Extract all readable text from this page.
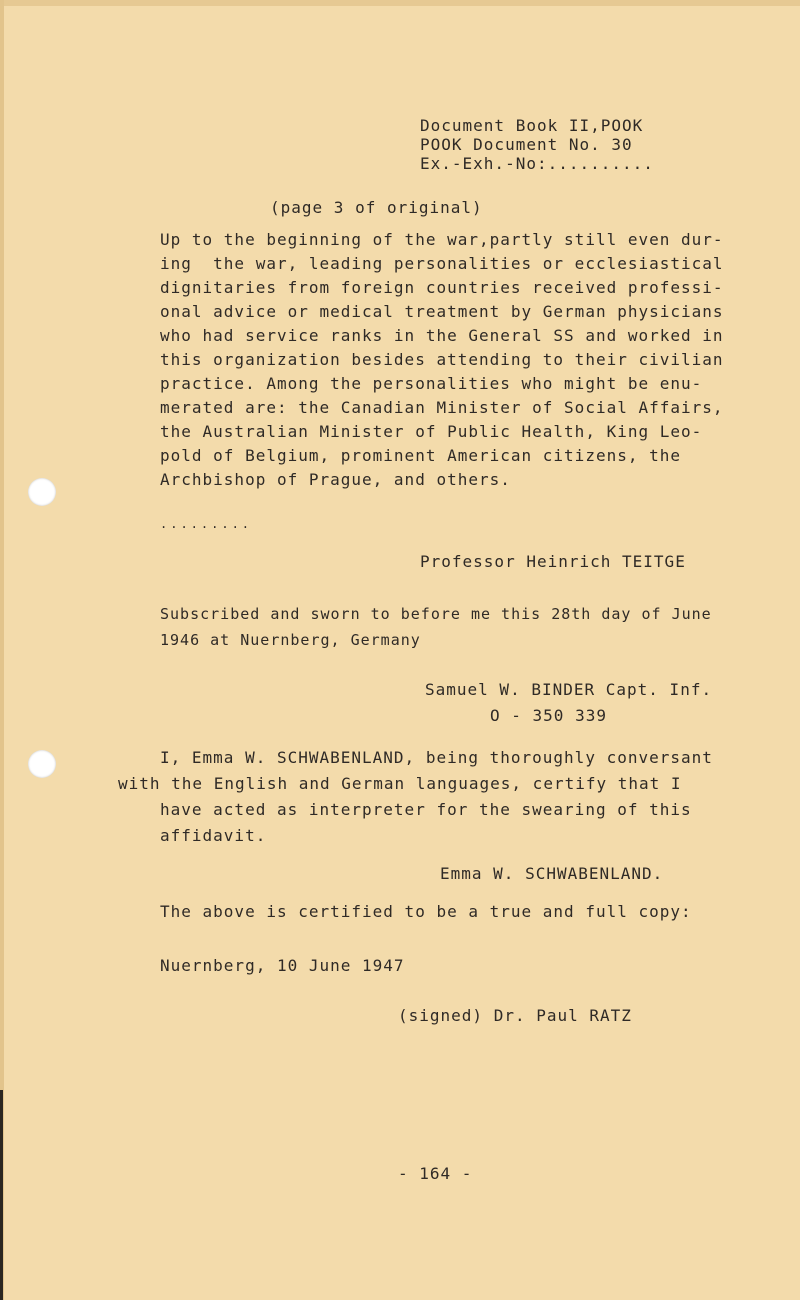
Document Book II,POOK
POOK Document No. 30
Ex.-Exh.-No:..........
(page 3 of original)
Up to the beginning of the war,partly still even dur-
ing  the war, leading personalities or ecclesiastical
dignitaries from foreign countries received professi-
onal advice or medical treatment by German physicians
who had service ranks in the General SS and worked in
this organization besides attending to their civilian
practice. Among the personalities who might be enu-
merated are: the Canadian Minister of Social Affairs,
the Australian Minister of Public Health, King Leo-
pold of Belgium, prominent American citizens, the
Archbishop of Prague, and others.
.........
Professor Heinrich TEITGE
Subscribed and sworn to before me this 28th day of June
1946 at Nuernberg, Germany
Samuel W. BINDER Capt. Inf.
O - 350 339
I, Emma W. SCHWABENLAND, being thoroughly conversant
with the English and German languages, certify that I
have acted as interpreter for the swearing of this
affidavit.
Emma W. SCHWABENLAND.
The above is certified to be a true and full copy:
Nuernberg, 10 June 1947
(signed) Dr. Paul RATZ
- 164 -
